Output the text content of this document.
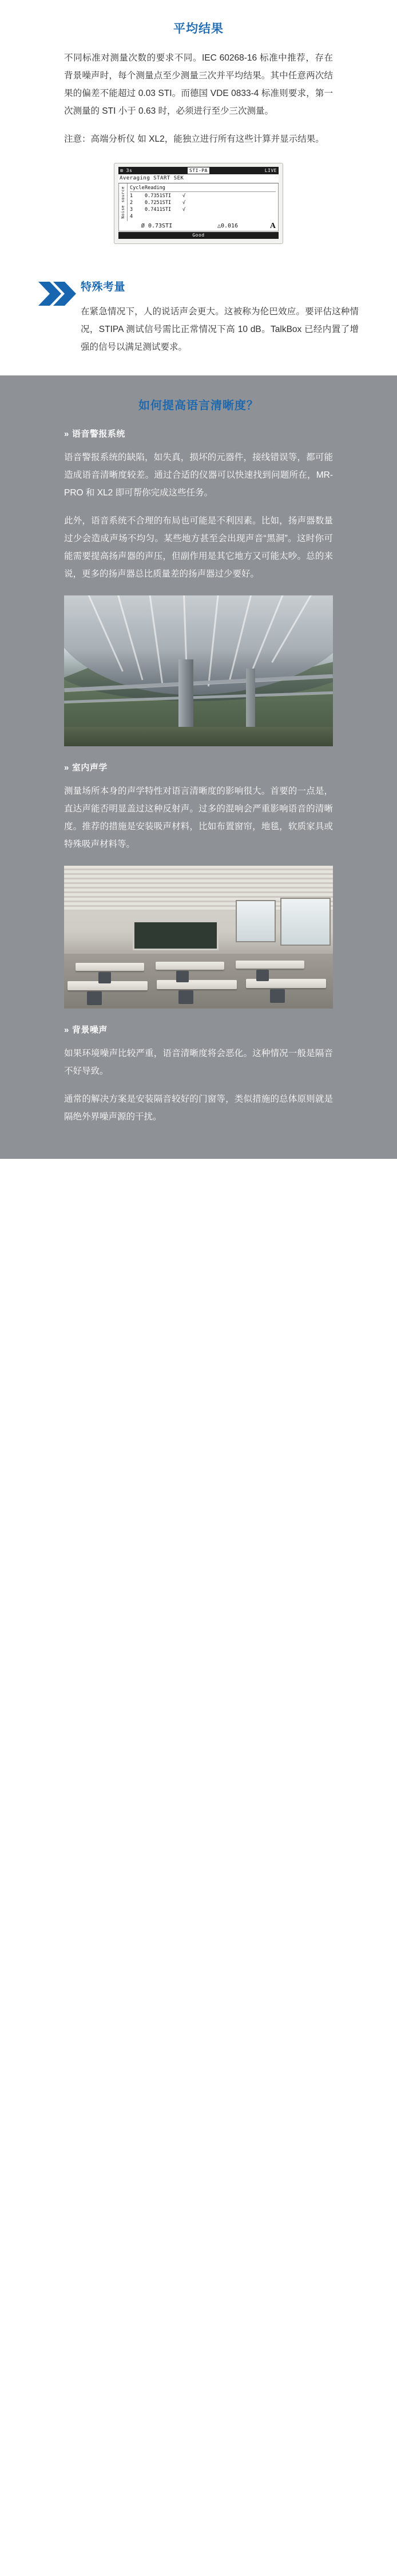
平均结果

不同标准对测量次数的要求不同。IEC 60268-16 标准中推荐，存在背景噪声时，每个测量点至少测量三次并平均结果。其中任意两次结果的偏差不能超过 0.03 STI。而德国 VDE 0833-4 标准则要求，第一次测量的 STI 小于 0.63 时，必须进行至少三次测量。

注意：高端分析仪 如 XL2，能独立进行所有这些计算并显示结果。

⊞ 3s	STI-PA	LIVE
Averaging START SEK
Noise source Cycle Reading
1	0.7351STI	√
2	0.7251STI	√
3	0.7411STI	√
4
Ø 0.73STI	△0.016	A
Good
特殊考量

在紧急情况下，人的说话声会更大。这被称为伦巴效应。要评估这种情况，STIPA 测试信号需比正常情况下高 10 dB。TalkBox 已经内置了增强的信号以满足测试要求。

如何提高语言清晰度？
» 语音警报系统

语音警报系统的缺陷，如失真，损坏的元器件，接线错误等，都可能造成语音清晰度较差。通过合适的仪器可以快速找到问题所在，MR-PRO 和 XL2 即可帮你完成这些任务。

此外，语音系统不合理的布局也可能是不利因素。比如，扬声器数量过少会造成声场不均匀。某些地方甚至会出现声音“黑洞”。这时你可能需要提高扬声器的声压，但副作用是其它地方又可能太吵。总的来说，更多的扬声器总比质量差的扬声器过少要好。

» 室内声学

测量场所本身的声学特性对语言清晰度的影响很大。首要的一点是，直达声能否明显盖过这种反射声。过多的混响会严重影响语音的清晰度。推荐的措施是安装吸声材料，比如布置窗帘，地毯，软质家具或特殊吸声材料等。

» 背景噪声

如果环境噪声比较严重，语音清晰度将会恶化。这种情况一般是隔音不好导致。

通常的解决方案是安装隔音较好的门窗等，类似措施的总体原则就是隔绝外界噪声源的干扰。
